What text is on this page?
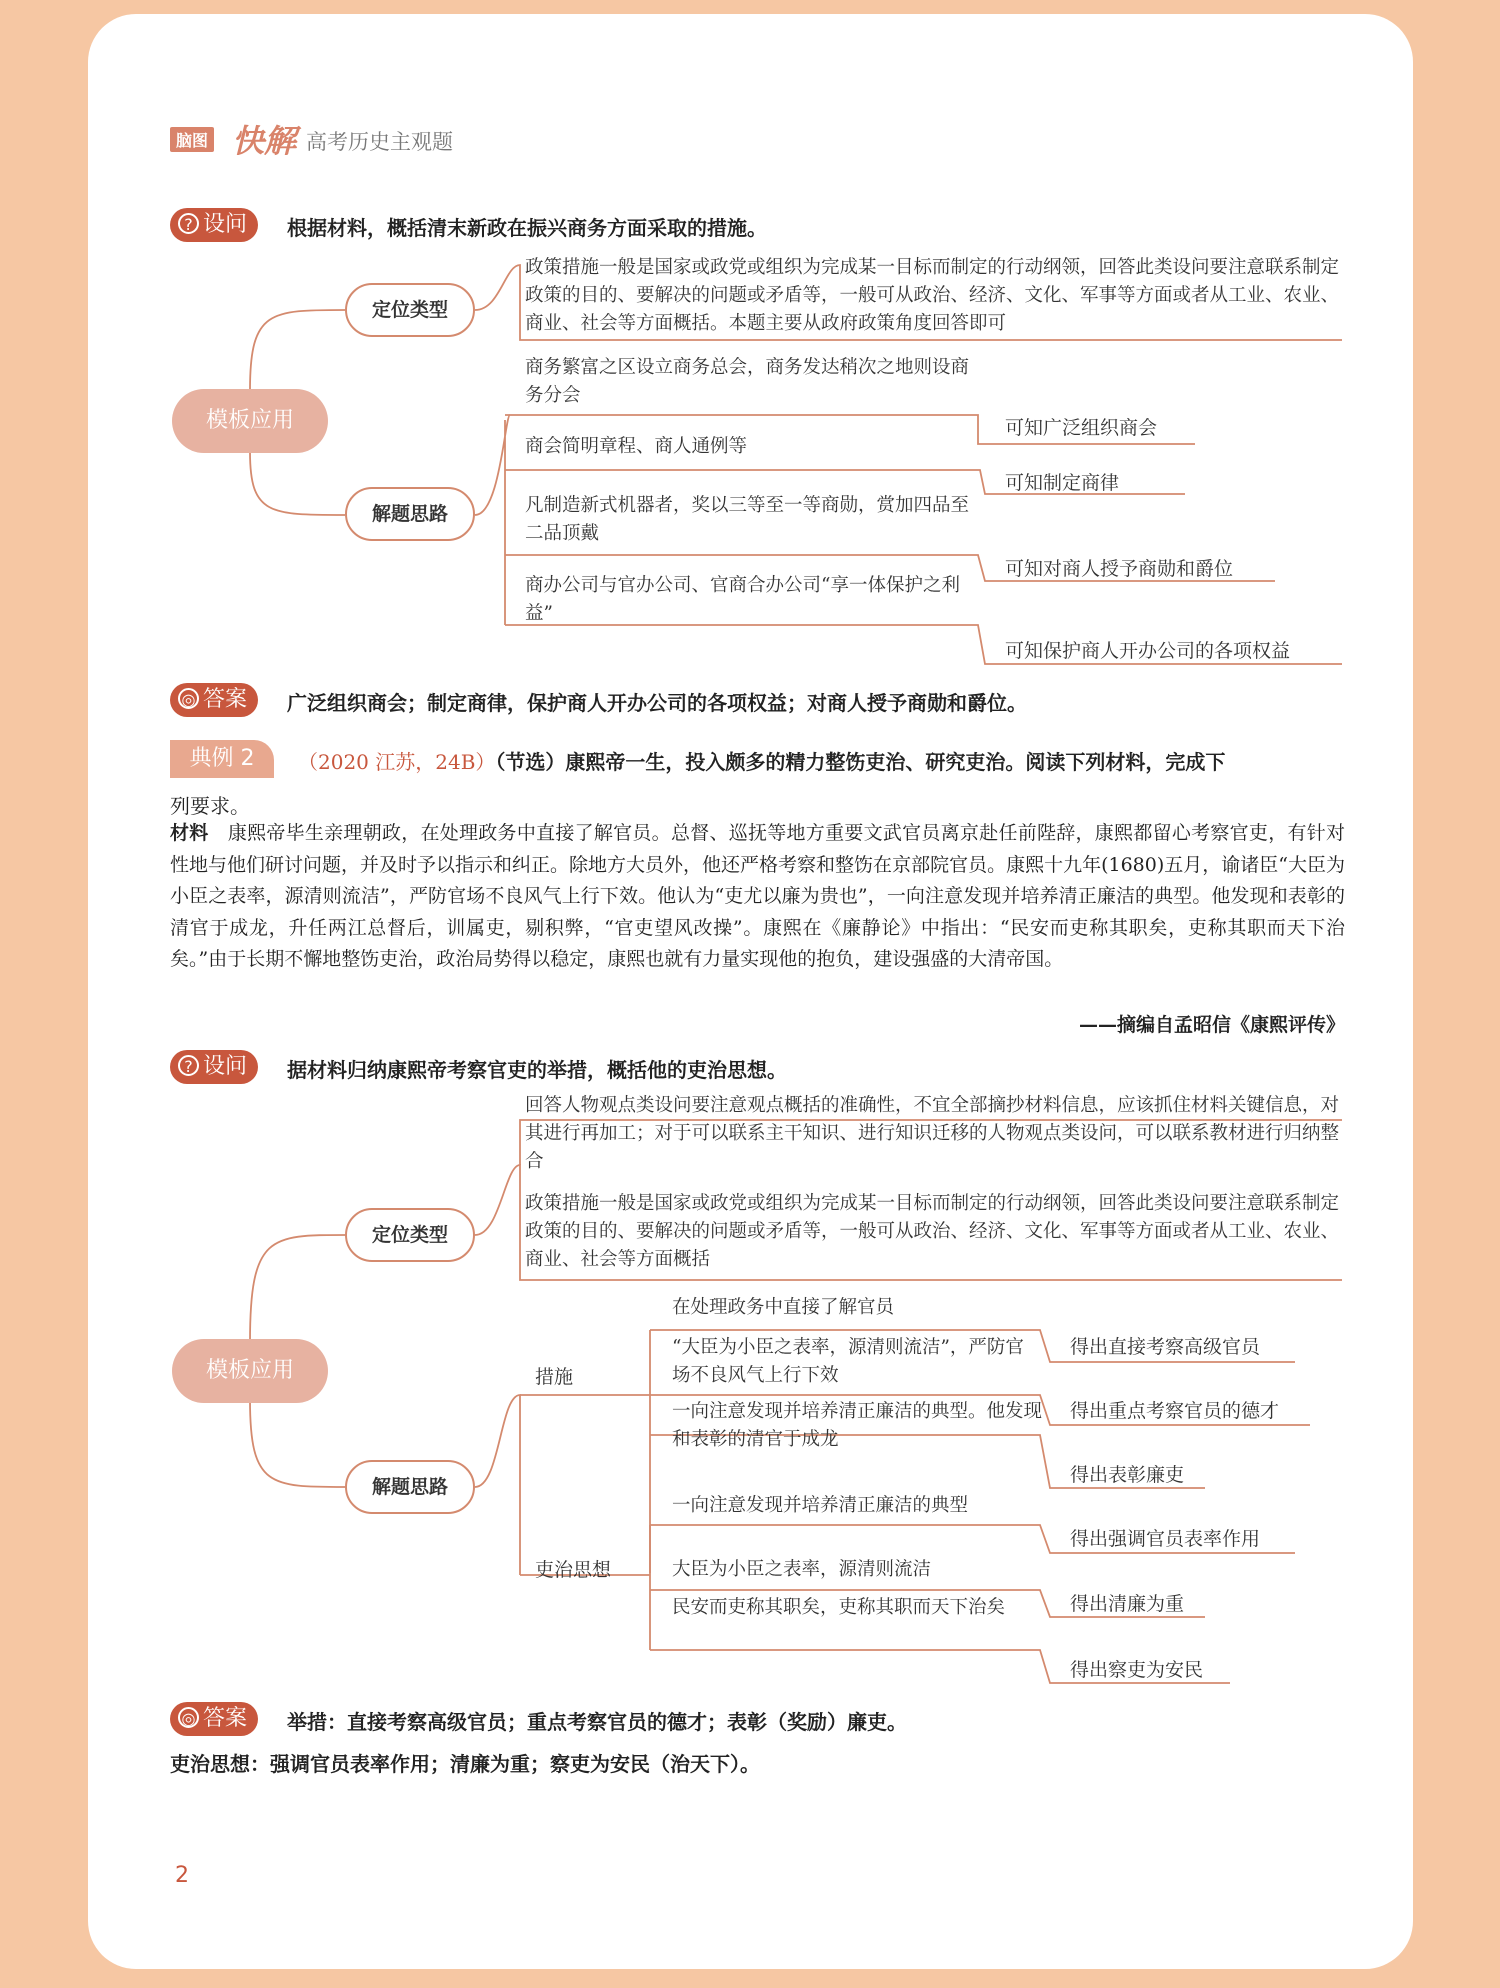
脑图 快解 高考历史主观题
? 设问	根据材料，概括清末新政在振兴商务方面采取的措施。
模板应用
定位类型
解题思路
政策措施一般是国家或政党或组织为完成某一目标而制定的行动纲领，回答此类设问要注意联系制定政策的目的、要解决的问题或矛盾等，一般可从政治、经济、文化、军事等方面或者从工业、农业、商业、社会等方面概括。本题主要从政府政策角度回答即可
商务繁富之区设立商务总会，商务发达稍次之地则设商务分会
可知广泛组织商会
商会简明章程、商人通例等
可知制定商律
凡制造新式机器者，奖以三等至一等商勋，赏加四品至二品顶戴
可知对商人授予商勋和爵位
商办公司与官办公司、官商合办公司“享一体保护之利益”
可知保护商人开办公司的各项权益
◎ 答案	广泛组织商会；制定商律，保护商人开办公司的各项权益；对商人授予商勋和爵位。
典例 2	（2020 江苏，24B）（节选）康熙帝一生，投入颇多的精力整饬吏治、研究吏治。阅读下列材料，完成下
列要求。
材料　 康熙帝毕生亲理朝政，在处理政务中直接了解官员。总督、巡抚等地方重要文武官员离京赴任前陛辞，康熙都留心考察官吏，有针对性地与他们研讨问题，并及时予以指示和纠正。除地方大员外，他还严格考察和整饬在京部院官员。康熙十九年(1680)五月，谕诸臣“大臣为小臣之表率，源清则流洁”，严防官场不良风气上行下效。他认为“吏尤以廉为贵也”，一向注意发现并培养清正廉洁的典型。他发现和表彰的清官于成龙，升任两江总督后，训属吏，剔积弊，“官吏望风改操”。康熙在《廉静论》中指出：“民安而吏称其职矣，吏称其职而天下治矣。”由于长期不懈地整饬吏治，政治局势得以稳定，康熙也就有力量实现他的抱负，建设强盛的大清帝国。
——摘编自孟昭信《康熙评传》
? 设问	据材料归纳康熙帝考察官吏的举措，概括他的吏治思想。
模板应用
定位类型
解题思路
回答人物观点类设问要注意观点概括的准确性，不宜全部摘抄材料信息，应该抓住材料关键信息，对其进行再加工；对于可以联系主干知识、进行知识迁移的人物观点类设问，可以联系教材进行归纳整合
政策措施一般是国家或政党或组织为完成某一目标而制定的行动纲领，回答此类设问要注意联系制定政策的目的、要解决的问题或矛盾等，一般可从政治、经济、文化、军事等方面或者从工业、农业、商业、社会等方面概括
措施
吏治思想
在处理政务中直接了解官员
得出直接考察高级官员
“大臣为小臣之表率，源清则流洁”，严防官场不良风气上行下效
得出重点考察官员的德才
一向注意发现并培养清正廉洁的典型。他发现和表彰的清官于成龙
得出表彰廉吏
一向注意发现并培养清正廉洁的典型
得出强调官员表率作用
大臣为小臣之表率，源清则流洁
得出清廉为重
民安而吏称其职矣，吏称其职而天下治矣
得出察吏为安民
◎ 答案	举措：直接考察高级官员；重点考察官员的德才；表彰（奖励）廉吏。
吏治思想：强调官员表率作用；清廉为重；察吏为安民（治天下）。
2
